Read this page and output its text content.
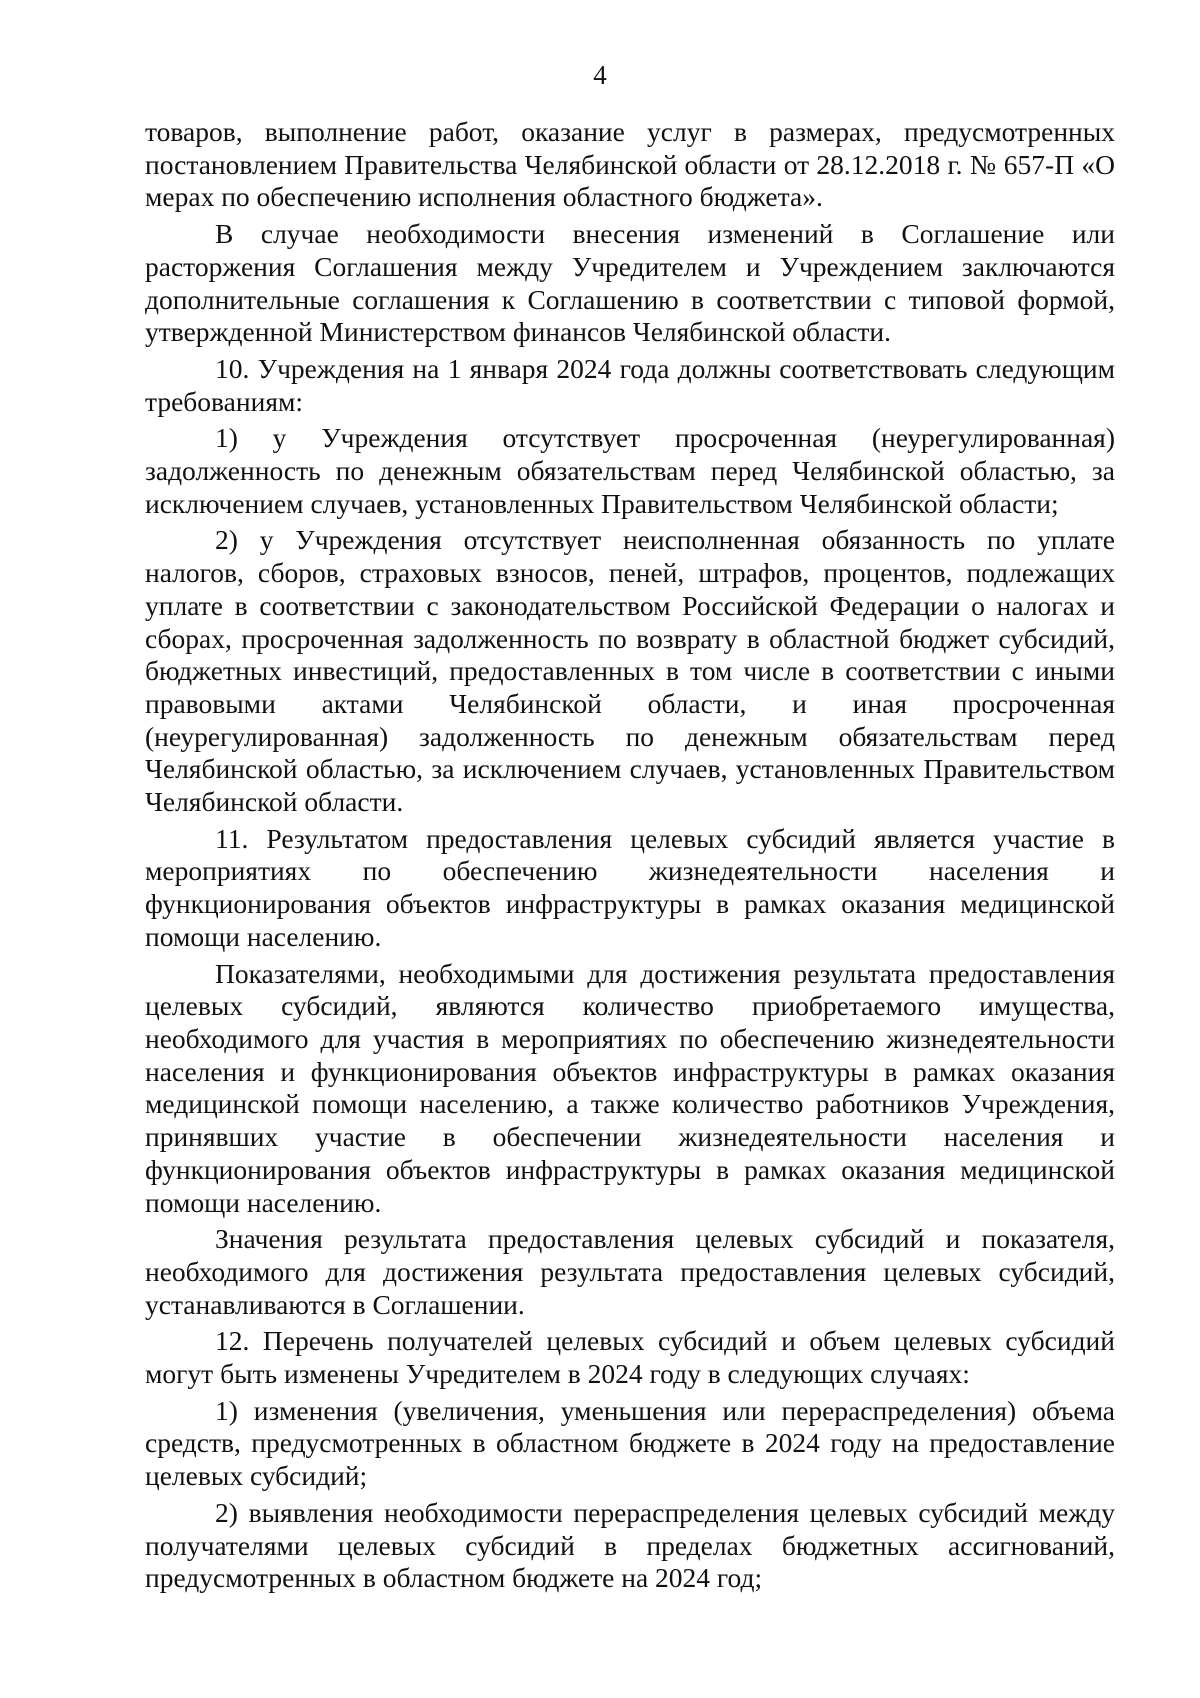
4

товаров, выполнение работ, оказание услуг в размерах, предусмотренных постановлением Правительства Челябинской области от 28.12.2018 г. № 657-П «О мерах по обеспечению исполнения областного бюджета».

В случае необходимости внесения изменений в Соглашение или расторжения Соглашения между Учредителем и Учреждением заключаются дополнительные соглашения к Соглашению в соответствии с типовой формой, утвержденной Министерством финансов Челябинской области.

10. Учреждения на 1 января 2024 года должны соответствовать следующим требованиям:

1) у Учреждения отсутствует просроченная (неурегулированная) задолженность по денежным обязательствам перед Челябинской областью, за исключением случаев, установленных Правительством Челябинской области;

2) у Учреждения отсутствует неисполненная обязанность по уплате налогов, сборов, страховых взносов, пеней, штрафов, процентов, подлежащих уплате в соответствии с законодательством Российской Федерации о налогах и сборах, просроченная задолженность по возврату в областной бюджет субсидий, бюджетных инвестиций, предоставленных в том числе в соответствии с иными правовыми актами Челябинской области, и иная просроченная (неурегулированная) задолженность по денежным обязательствам перед Челябинской областью, за исключением случаев, установленных Правительством Челябинской области.

11. Результатом предоставления целевых субсидий является участие в мероприятиях по обеспечению жизнедеятельности населения и функционирования объектов инфраструктуры в рамках оказания медицинской помощи населению.

Показателями, необходимыми для достижения результата предоставления целевых субсидий, являются количество приобретаемого имущества, необходимого для участия в мероприятиях по обеспечению жизнедеятельности населения и функционирования объектов инфраструктуры в рамках оказания медицинской помощи населению, а также количество работников Учреждения, принявших участие в обеспечении жизнедеятельности населения и функционирования объектов инфраструктуры в рамках оказания медицинской помощи населению.

Значения результата предоставления целевых субсидий и показателя, необходимого для достижения результата предоставления целевых субсидий, устанавливаются в Соглашении.

12. Перечень получателей целевых субсидий и объем целевых субсидий могут быть изменены Учредителем в 2024 году в следующих случаях:

1) изменения (увеличения, уменьшения или перераспределения) объема средств, предусмотренных в областном бюджете в 2024 году на предоставление целевых субсидий;

2) выявления необходимости перераспределения целевых субсидий между получателями целевых субсидий в пределах бюджетных ассигнований, предусмотренных в областном бюджете на 2024 год;
